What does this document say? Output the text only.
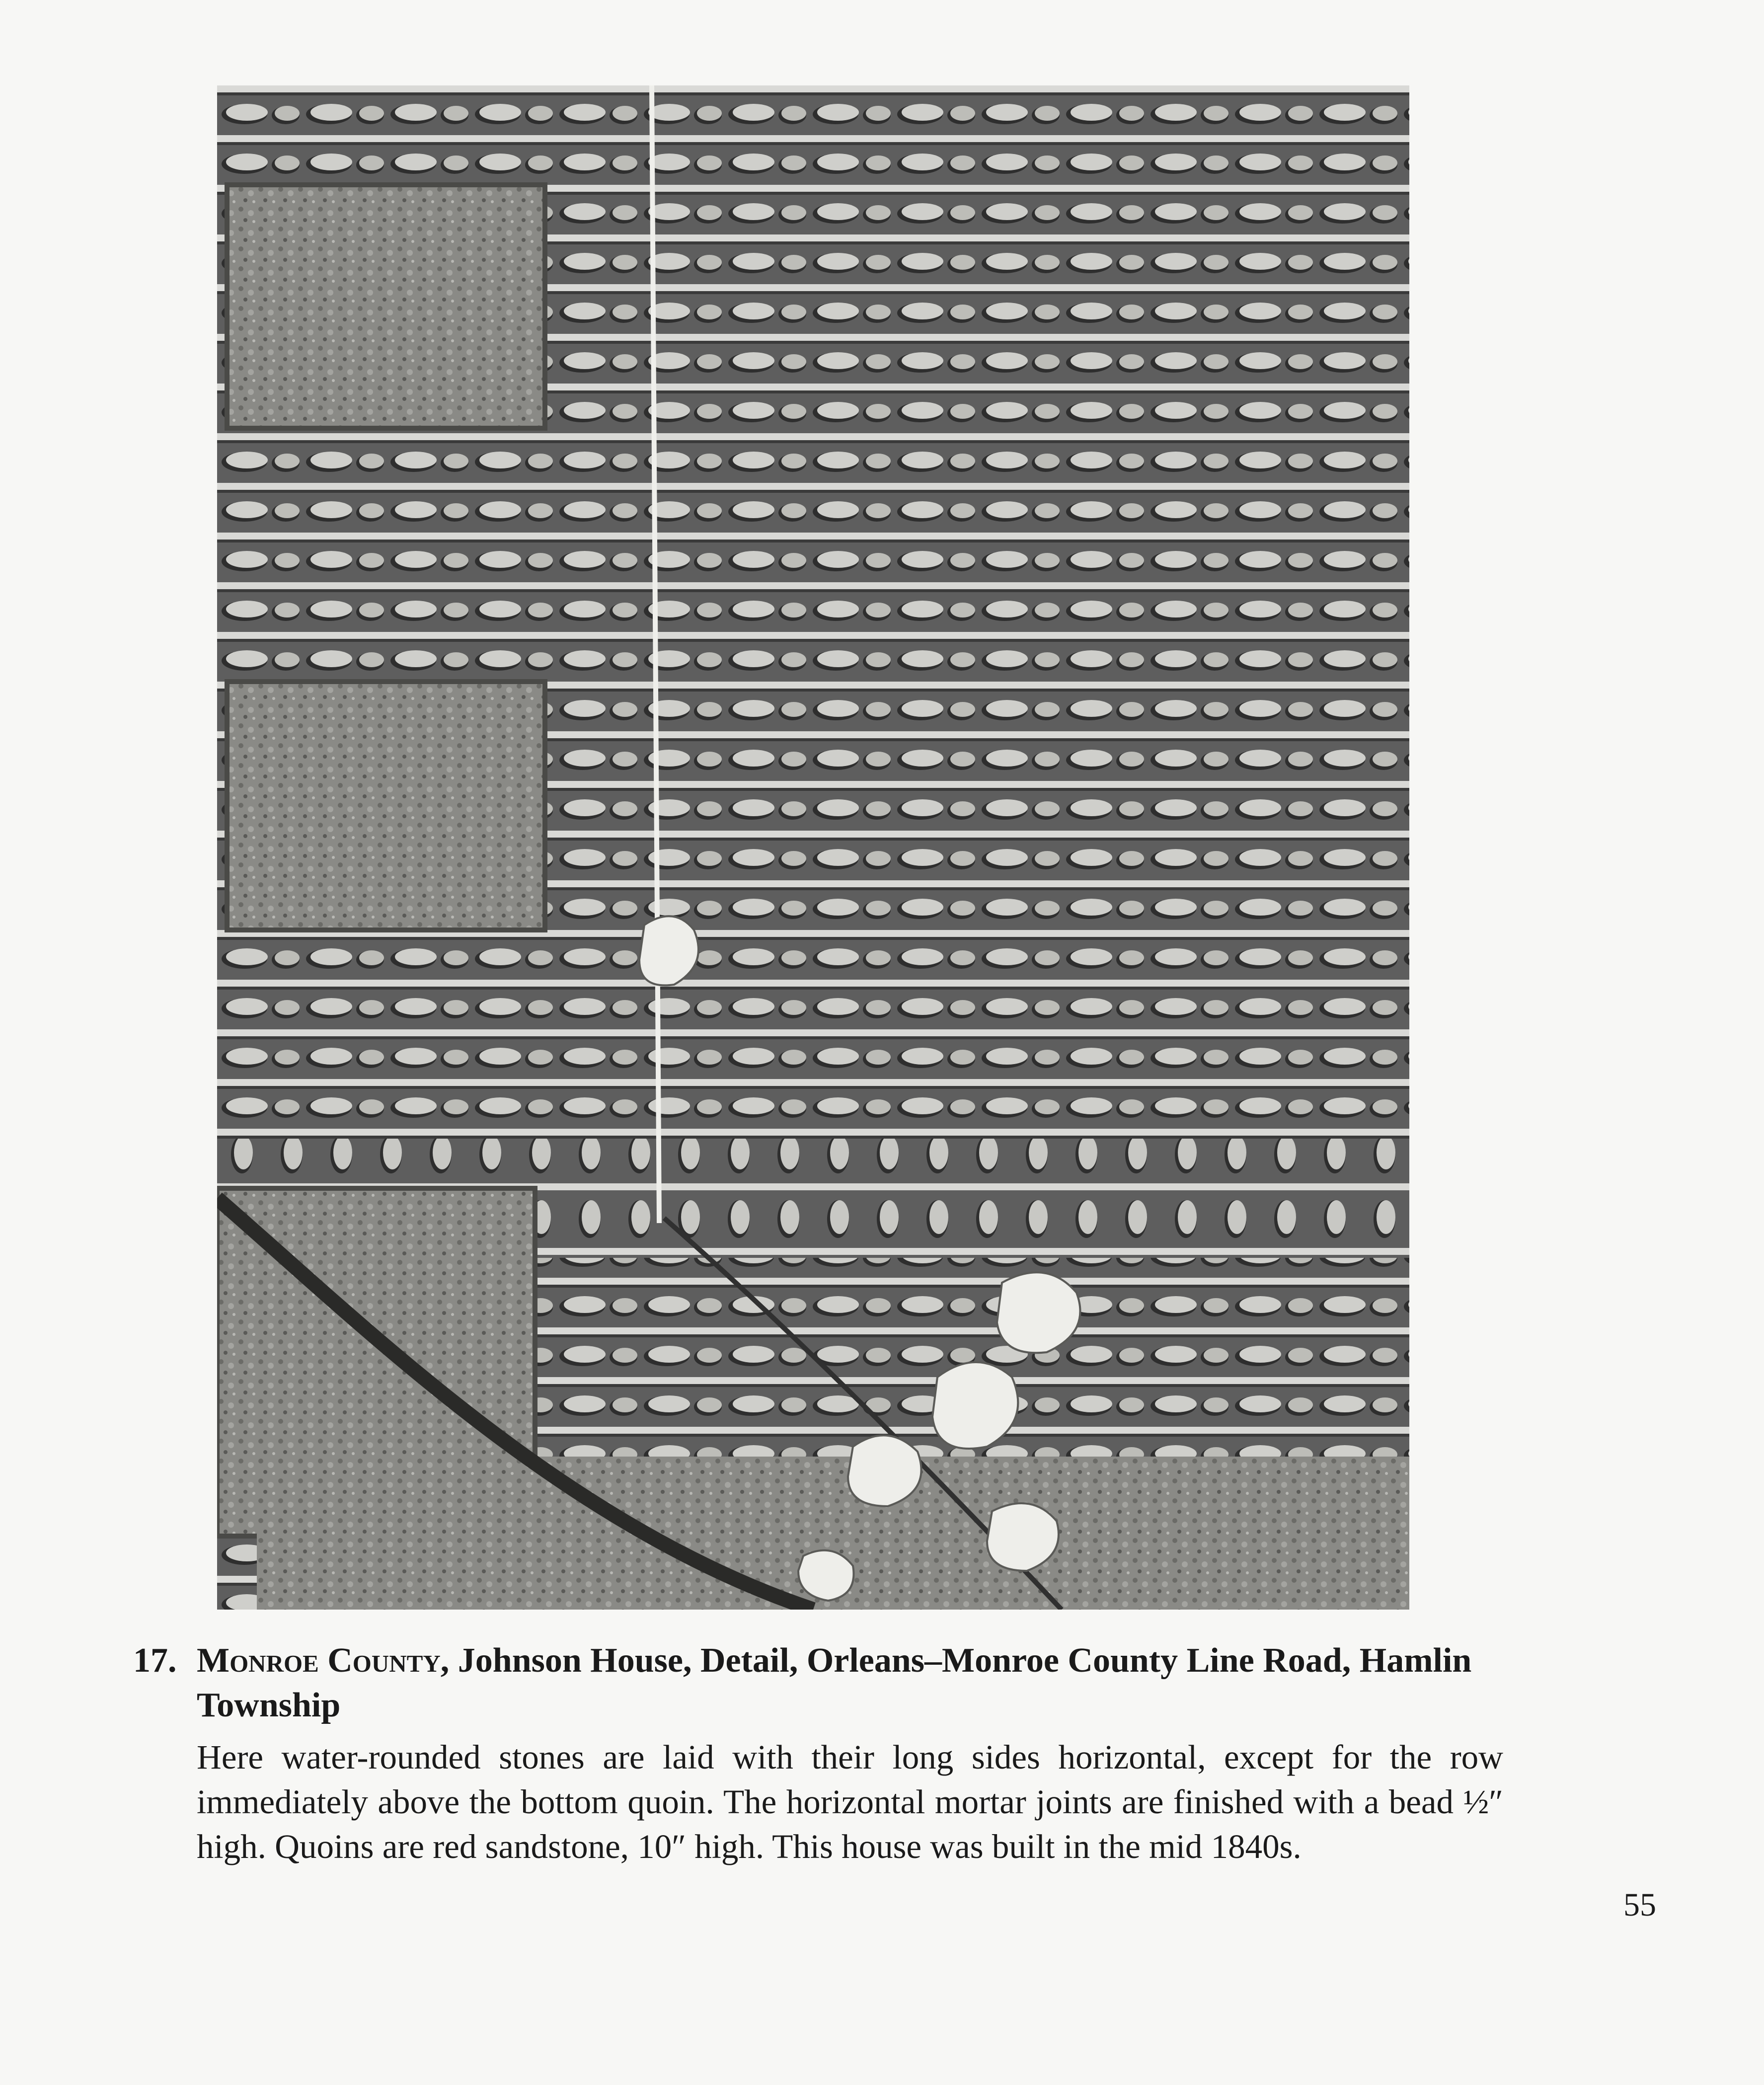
17. Monroe County, Johnson House, Detail, Orleans–Monroe County Line Road, Hamlin Township

Here water-rounded stones are laid with their long sides horizontal, except for the row immediately above the bottom quoin. The horizontal mortar joints are finished with a bead ½″ high. Quoins are red sandstone, 10″ high. This house was built in the mid 1840s.

55
